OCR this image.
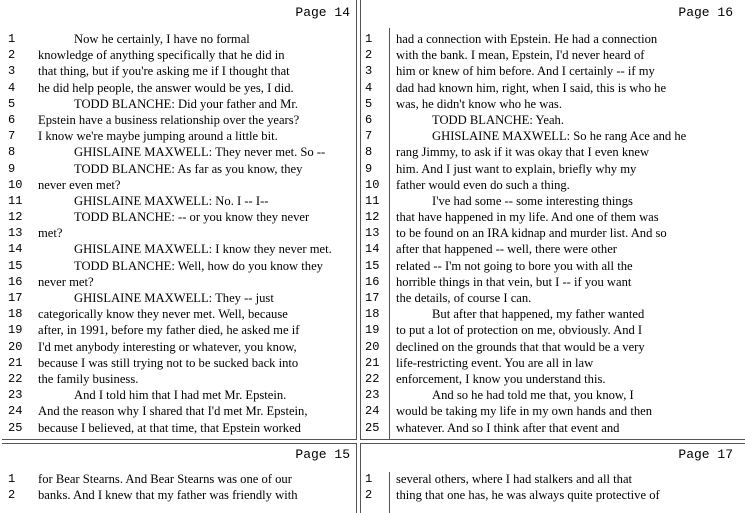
Page 14
1	Now he certainly, I have no formal
2	knowledge of anything specifically that he did in
3	that thing, but if you're asking me if I thought that
4	he did help people, the answer would be yes, I did.
5	TODD BLANCHE: Did your father and Mr.
6	Epstein have a business relationship over the years?
7	I know we're maybe jumping around a little bit.
8	GHISLAINE MAXWELL: They never met. So --
9	TODD BLANCHE: As far as you know, they
10	never even met?
11	GHISLAINE MAXWELL: No. I -- I--
12	TODD BLANCHE: -- or you know they never
13	met?
14	GHISLAINE MAXWELL: I know they never met.
15	TODD BLANCHE: Well, how do you know they
16	never met?
17	GHISLAINE MAXWELL: They -- just
18	categorically know they never met. Well, because
19	after, in 1991, before my father died, he asked me if
20	I'd met anybody interesting or whatever, you know,
21	because I was still trying not to be sucked back into
22	the family business.
23	And I told him that I had met Mr. Epstein.
24	And the reason why I shared that I'd met Mr. Epstein,
25	because I believed, at that time, that Epstein worked
Page 16
1	had a connection with Epstein. He had a connection
2	with the bank. I mean, Epstein, I'd never heard of
3	him or knew of him before. And I certainly -- if my
4	dad had known him, right, when I said, this is who he
5	was, he didn't know who he was.
6	TODD BLANCHE: Yeah.
7	GHISLAINE MAXWELL: So he rang Ace and he
8	rang Jimmy, to ask if it was okay that I even knew
9	him. And I just want to explain, briefly why my
10	father would even do such a thing.
11	I've had some -- some interesting things
12	that have happened in my life. And one of them was
13	to be found on an IRA kidnap and murder list. And so
14	after that happened -- well, there were other
15	related -- I'm not going to bore you with all the
16	horrible things in that vein, but I -- if you want
17	the details, of course I can.
18	But after that happened, my father wanted
19	to put a lot of protection on me, obviously. And I
20	declined on the grounds that that would be a very
21	life-restricting event. You are all in law
22	enforcement, I know you understand this.
23	And so he had told me that, you know, I
24	would be taking my life in my own hands and then
25	whatever. And so I think after that event and
Page 15
1	for Bear Stearns. And Bear Stearns was one of our
2	banks. And I knew that my father was friendly with
Page 17
1	several others, where I had stalkers and all that
2	thing that one has, he was always quite protective of
